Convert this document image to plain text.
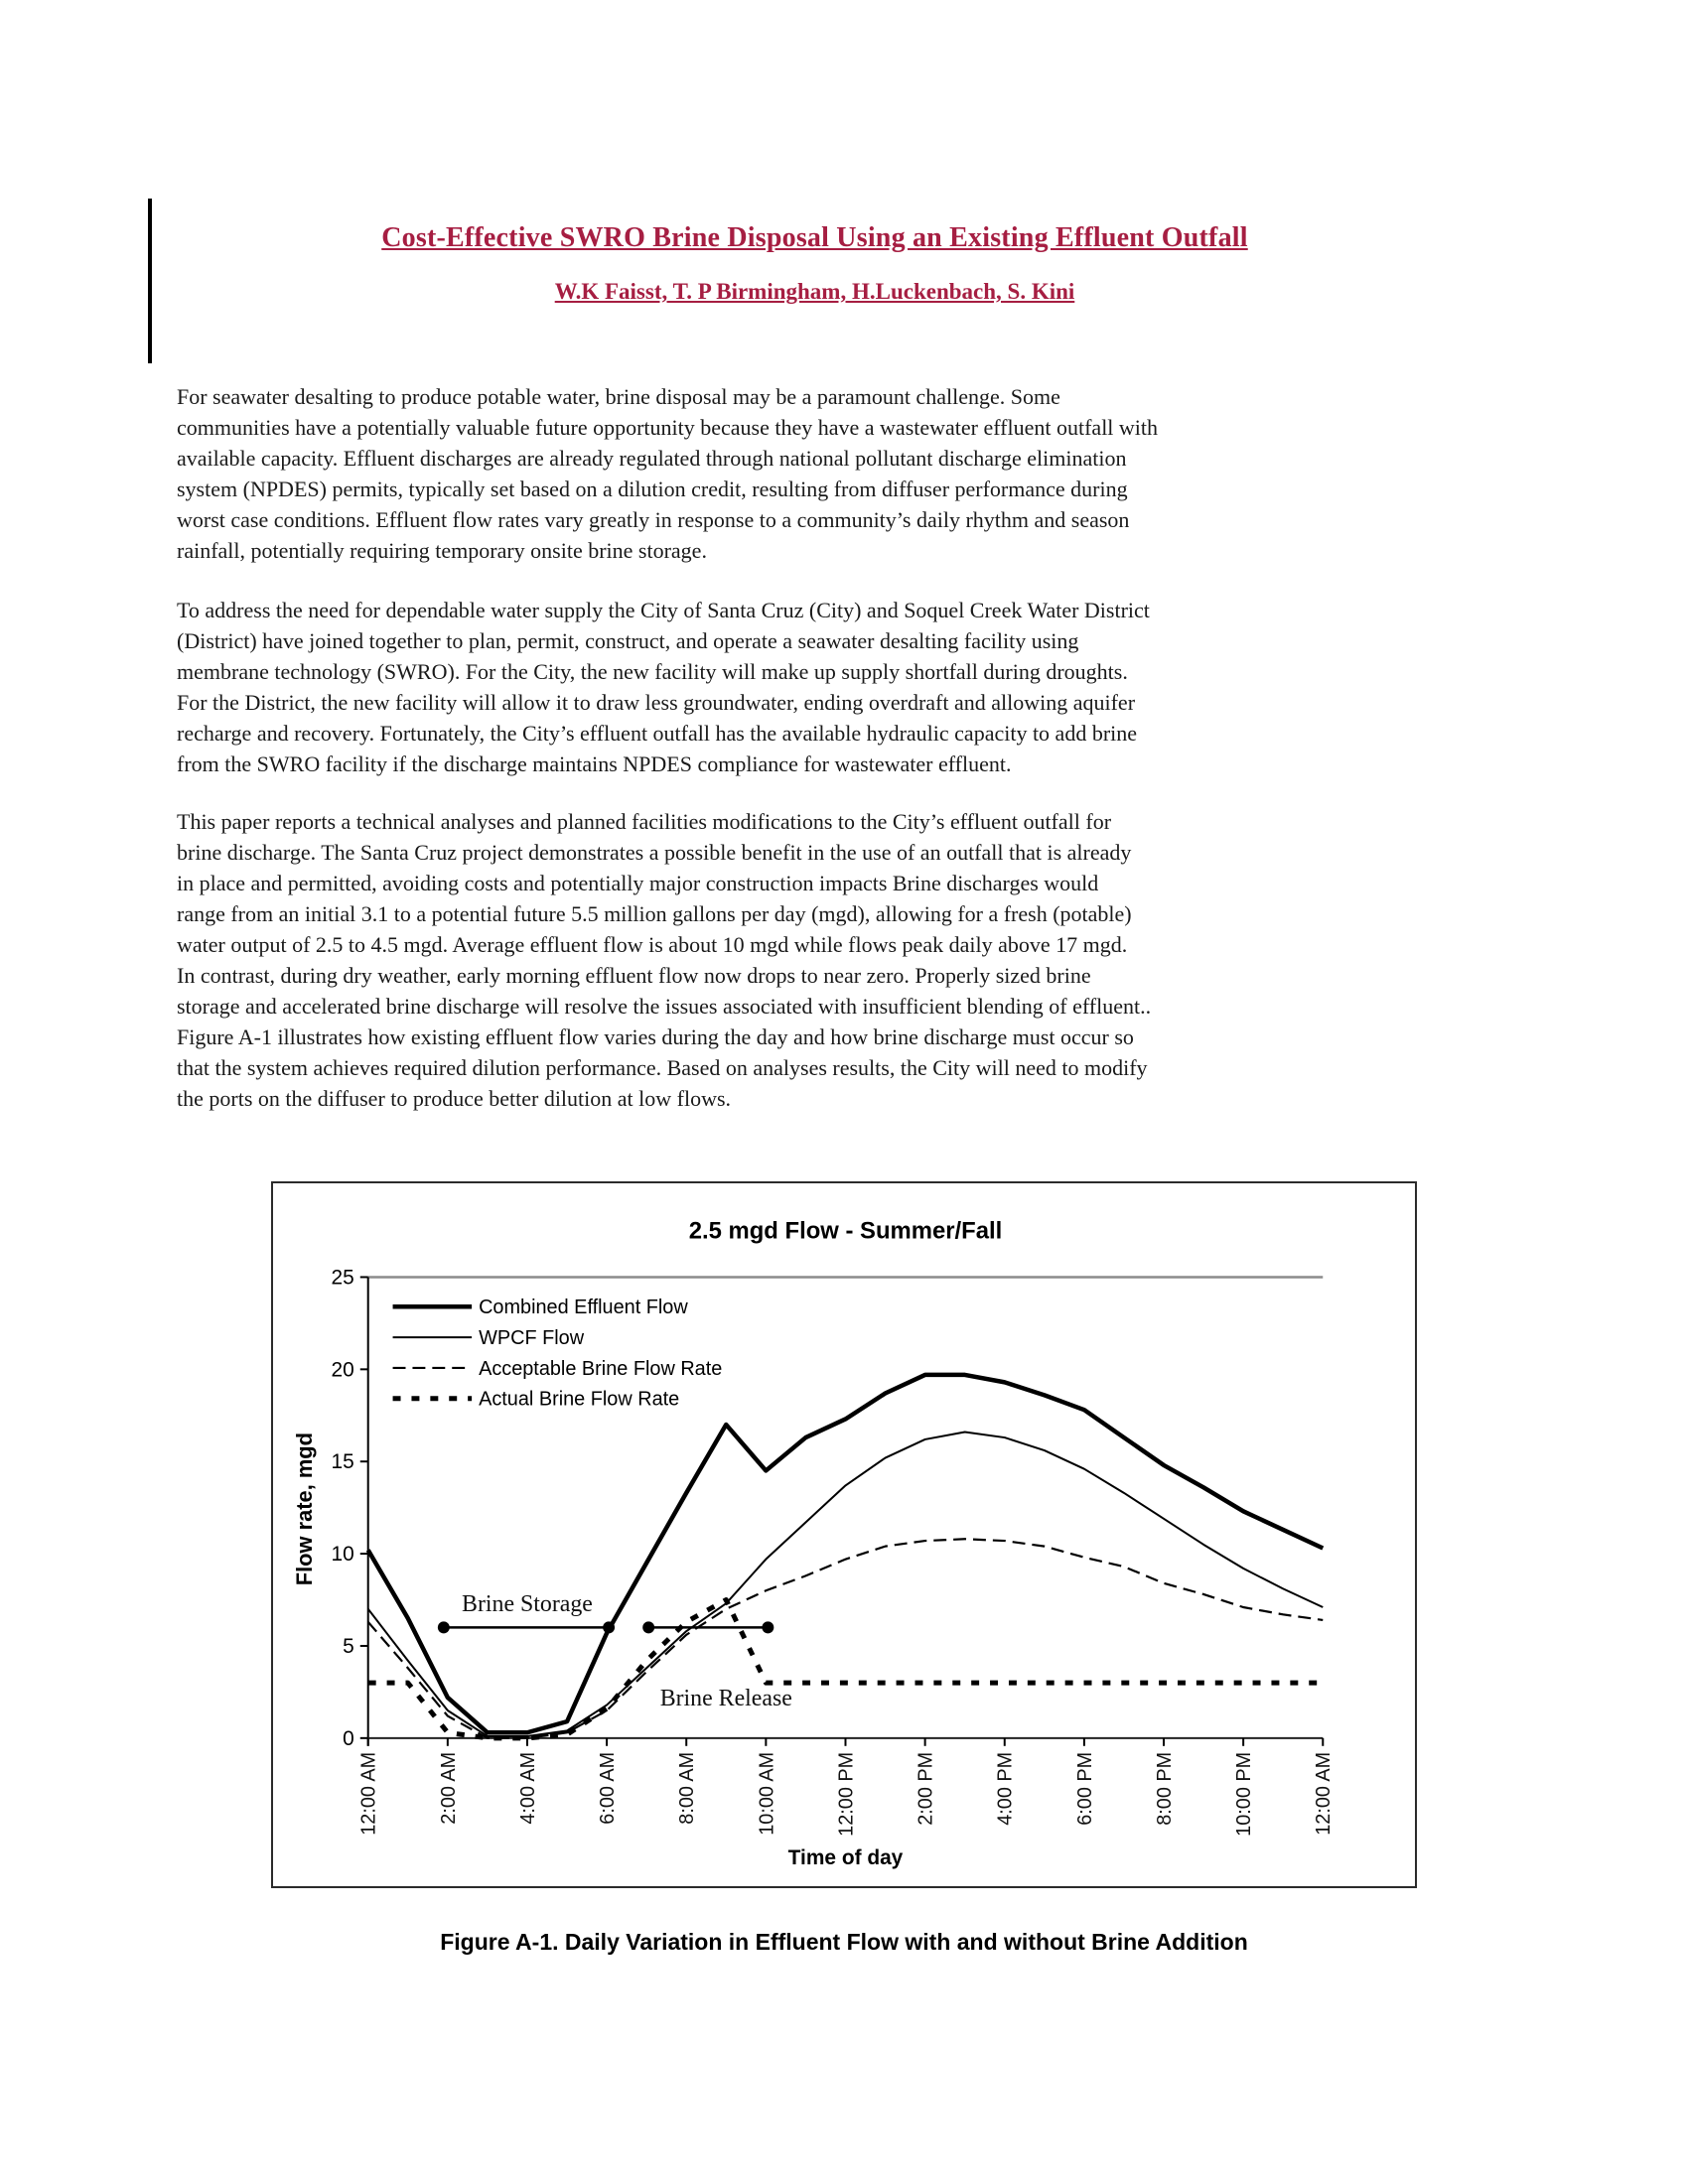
Cost-Effective SWRO Brine Disposal Using an Existing Effluent Outfall
W.K Faisst, T. P Birmingham, H.Luckenbach, S. Kini
For seawater desalting to produce potable water, brine disposal may be a paramount challenge. Some
communities have a potentially valuable future opportunity because they have a wastewater effluent outfall with
available capacity. Effluent discharges are already regulated through national pollutant discharge elimination
system (NPDES) permits, typically set based on a dilution credit, resulting from diffuser performance during
worst case conditions. Effluent flow rates vary greatly in response to a community’s daily rhythm and season
rainfall, potentially requiring temporary onsite brine storage.
To address the need for dependable water supply the City of Santa Cruz (City) and Soquel Creek Water District
(District) have joined together to plan, permit, construct, and operate a seawater desalting facility using
membrane technology (SWRO). For the City, the new facility will make up supply shortfall during droughts.
For the District, the new facility will allow it to draw less groundwater, ending overdraft and allowing aquifer
recharge and recovery. Fortunately, the City’s effluent outfall has the available hydraulic capacity to add brine
from the SWRO facility if the discharge maintains NPDES compliance for wastewater effluent.
This paper reports a technical analyses and planned facilities modifications to the City’s effluent outfall for
brine discharge. The Santa Cruz project demonstrates a possible benefit in the use of an outfall that is already
in place and permitted, avoiding costs and potentially major construction impacts Brine discharges would
range from an initial 3.1 to a potential future 5.5 million gallons per day (mgd), allowing for a fresh (potable)
water output of 2.5 to 4.5 mgd. Average effluent flow is about 10 mgd while flows peak daily above 17 mgd.
In contrast, during dry weather, early morning effluent flow now drops to near zero. Properly sized brine
storage and accelerated brine discharge will resolve the issues associated with insufficient blending of effluent..
Figure A-1 illustrates how existing effluent flow varies during the day and how brine discharge must occur so
that the system achieves required dilution performance. Based on analyses results, the City will need to modify
the ports on the diffuser to produce better dilution at low flows.
2.5 mgd Flow - Summer/Fall
0
5
10
15
20
25
12:00 AM	2:00 AM	4:00 AM	6:00 AM	8:00 AM	10:00 AM	12:00 PM	2:00 PM	4:00 PM	6:00 PM	8:00 PM	10:00 PM	12:00 AM
Flow rate, mgd
Time of day
Combined Effluent Flow
WPCF Flow
Acceptable Brine Flow Rate
Actual Brine Flow Rate
Brine Storage
Brine Release
Figure A-1. Daily Variation in Effluent Flow with and without Brine Addition
